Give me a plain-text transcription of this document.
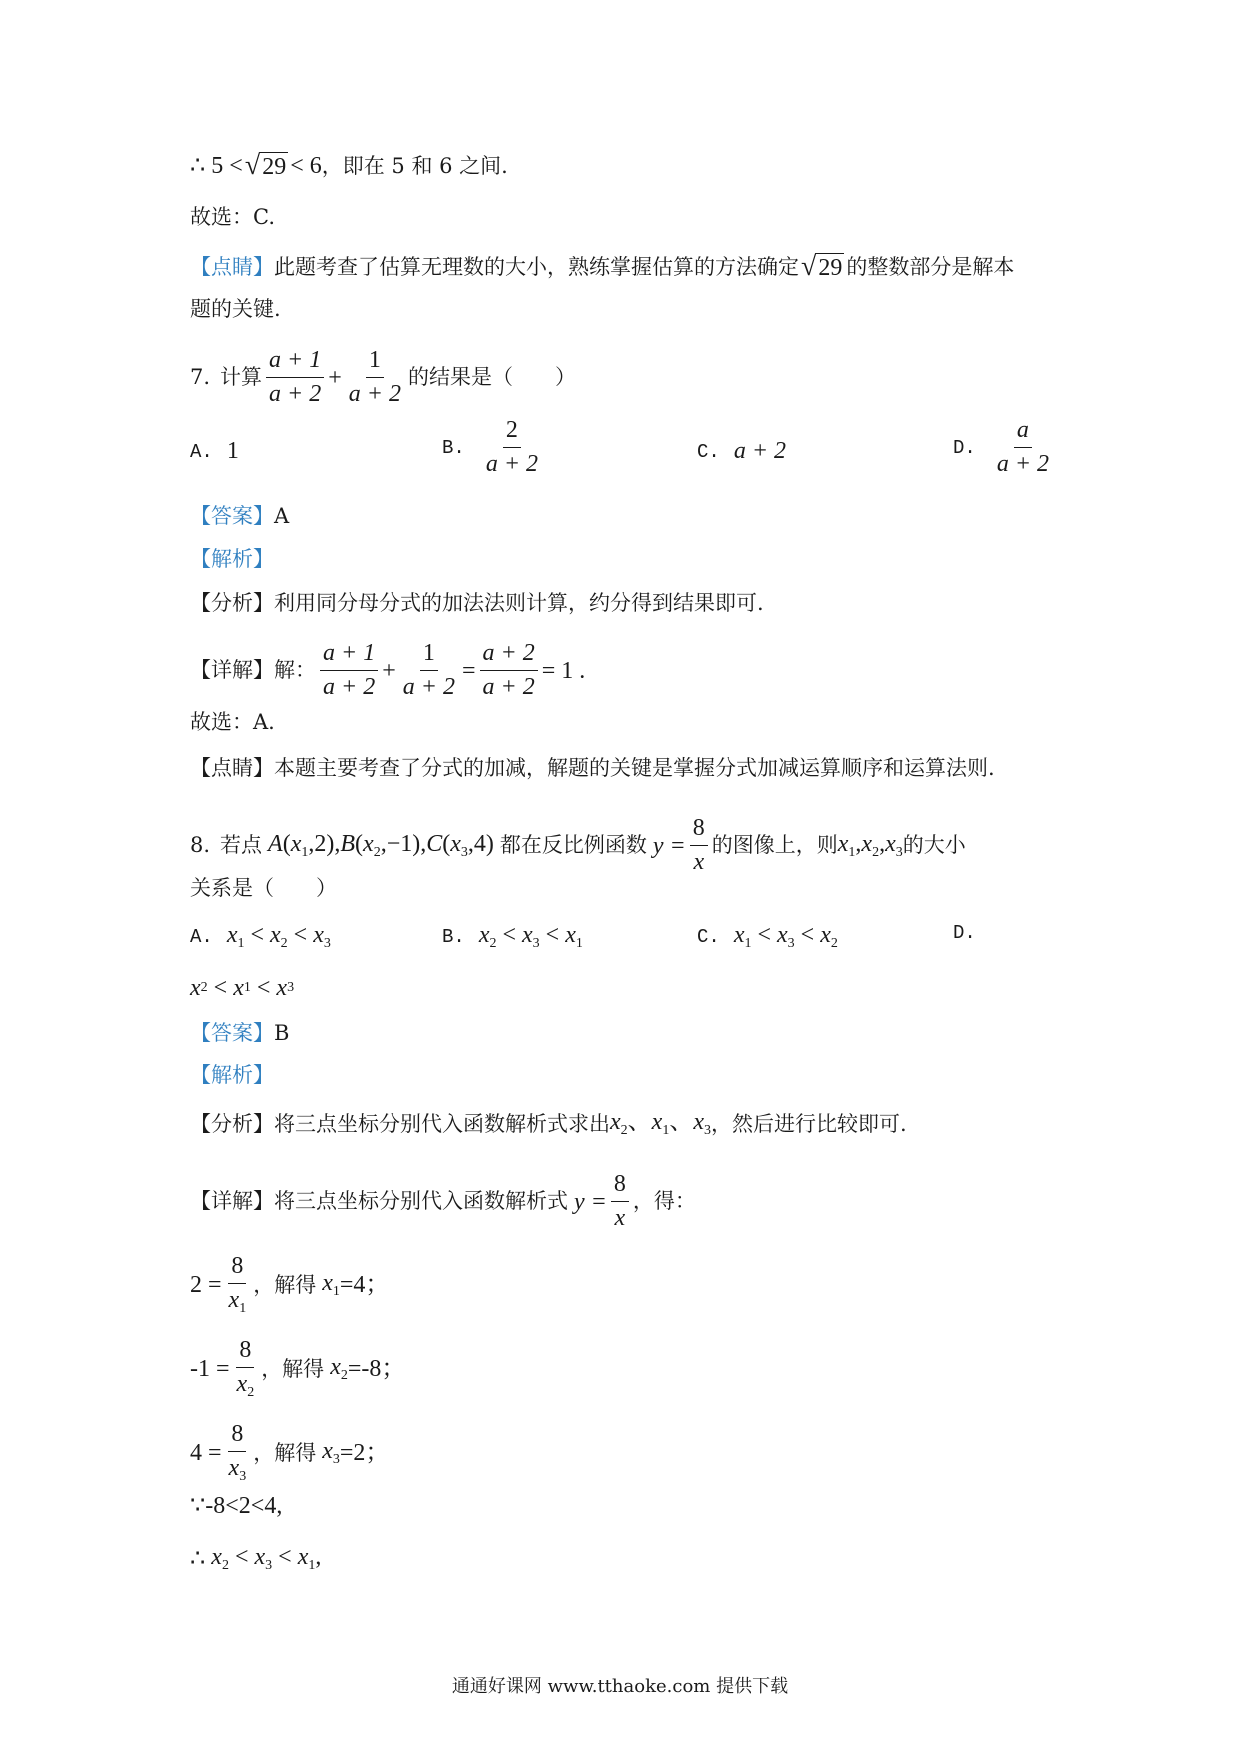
∴ 5 < √ 29 < 6 ，即在 5 和 6 之间.
故选：C.
【点睛】 此题考查了估算无理数的大小，熟练掌握估算的方法确定 √ 29 的整数部分是解本
题的关键.
7. 计算 $\frac{a + 1}{a + 2} + \frac{1}{a + 2}$ 的结果是（　　）
A. 1	B. $\frac{2}{a + 2}$	C. a + 2	D. $\frac{a}{a + 2}$
【答案】 A
【解析】
【分析】 利用同分母分式的加法法则计算，约分得到结果即可.
【详解】 解： $\frac{a + 1}{a + 2} + \frac{1}{a + 2} = \frac{a + 2}{a + 2} = 1$ .
故选：A.
【点睛】 本题主要考查了分式的加减，解题的关键是掌握分式加减运算顺序和运算法则.
8. 若点 $A(x_1,2),B(x_2,-1),C(x_3,4)$ 都在反比例函数 $y = \frac{8}{x}$ 的图像上，则 $x_1,x_2,x_3$ 的大小
关系是（　　）
A. $x_1 < x_2 < x_3$	B. $x_2 < x_3 < x_1$	C. $x_1 < x_3 < x_2$	D.
x 2 < x 1 < x 3
【答案】 B
【解析】
【分析】 将三点坐标分别代入函数解析式求出 $x_2$、$x_1$、$x_3$ ，然后进行比较即可.
【详解】 将三点坐标分别代入函数解析式 $y = \frac{8}{x}$ ，得：
$2 = \frac{8}{x_1}$ ，解得 $x_1 =4$；
$-1 = \frac{8}{x_2}$ ，解得 $x_2 =-8$；
$4 = \frac{8}{x_3}$ ，解得 $x_3 =2$；
∵-8<2<4,
∴ $x_2 < x_3 < x_1$,
通通好课网 www.tthaoke.com 提供下载
